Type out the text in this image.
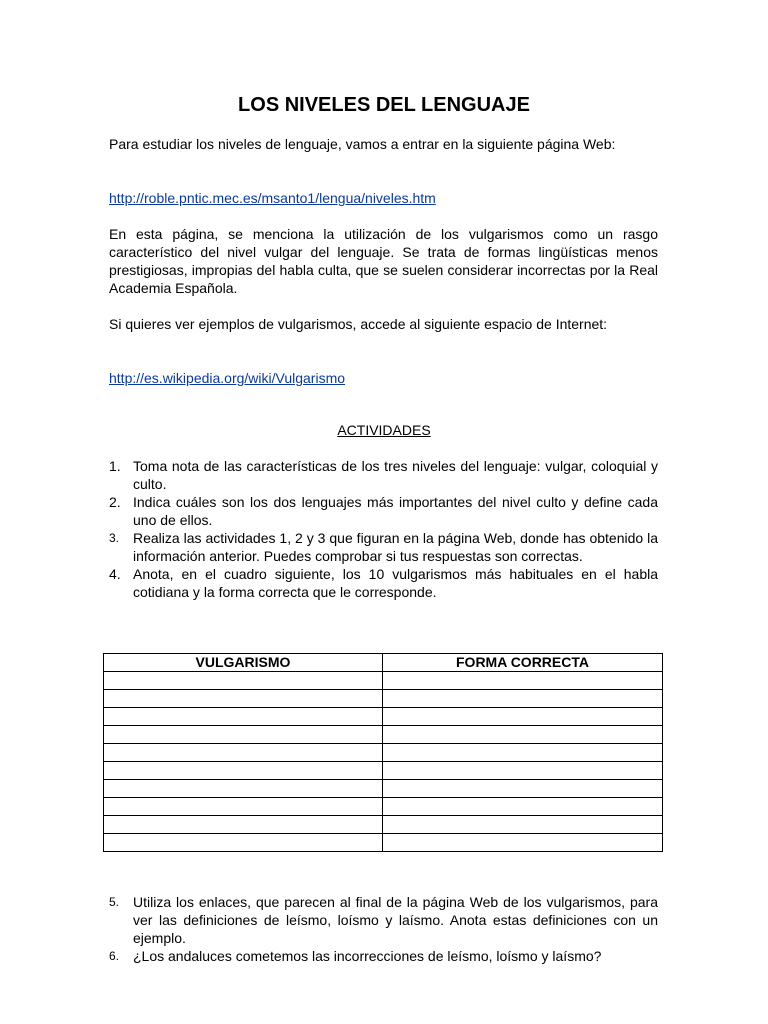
LOS NIVELES DEL LENGUAJE

Para estudiar los niveles de lenguaje, vamos a entrar en la siguiente página Web:

http://roble.pntic.mec.es/msanto1/lengua/niveles.htm

En esta página, se menciona la utilización de los vulgarismos como un rasgo característico del nivel vulgar del lenguaje. Se trata de formas lingüísticas menos prestigiosas, impropias del habla culta, que se suelen considerar incorrectas por la Real Academia Española.

Si quieres ver ejemplos de vulgarismos, accede al siguiente espacio de Internet:

http://es.wikipedia.org/wiki/Vulgarismo

ACTIVIDADES
1. Toma nota de las características de los tres niveles del lenguaje: vulgar, coloquial y culto.
2. Indica cuáles son los dos lenguajes más importantes del nivel culto y define cada uno de ellos.
3. Realiza las actividades 1, 2 y 3 que figuran en la página Web, donde has obtenido la información anterior. Puedes comprobar si tus respuestas son correctas.
4. Anota, en el cuadro siguiente, los 10 vulgarismos más habituales en el habla cotidiana y la forma correcta que le corresponde.
VULGARISMO	FORMA CORRECTA

5. Utiliza los enlaces, que parecen al final de la página Web de los vulgarismos, para ver las definiciones de leísmo, loísmo y laísmo. Anota estas definiciones con un ejemplo.
6. ¿Los andaluces cometemos las incorrecciones de leísmo, loísmo y laísmo?
